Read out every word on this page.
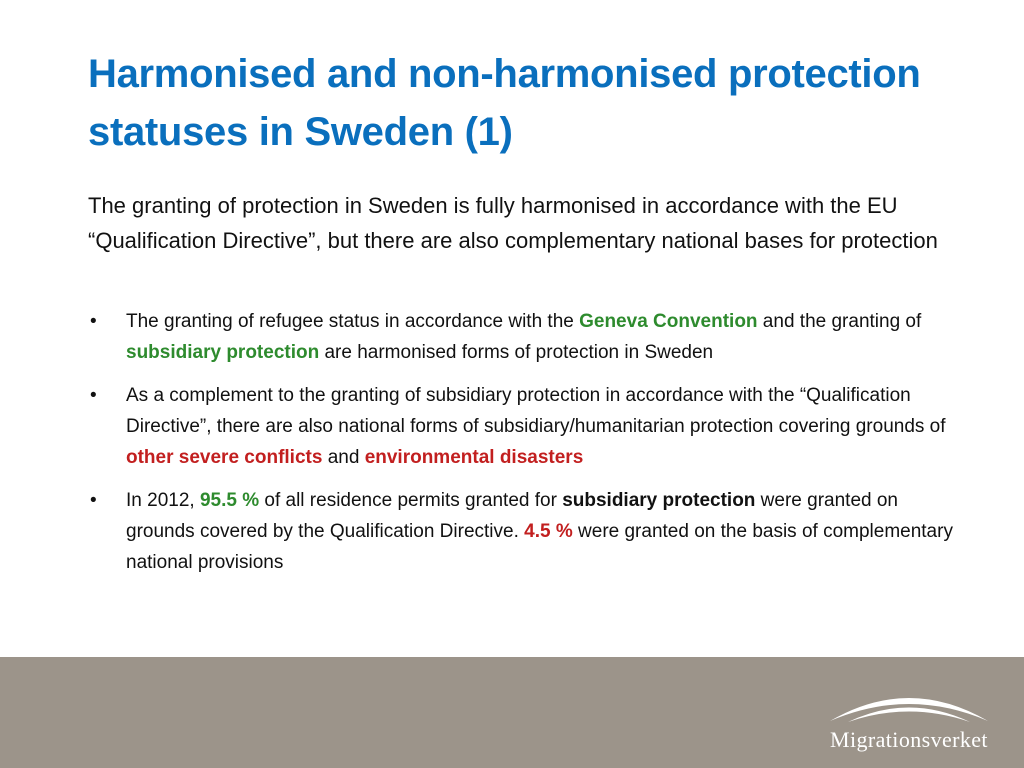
Harmonised and non-harmonised protection statuses in Sweden (1)

The granting of protection in Sweden is fully harmonised in accordance with the EU “Qualification Directive”, but there are also complementary national bases for protection

•	The granting of refugee status in accordance with the Geneva Convention and the granting of subsidiary protection are harmonised forms of protection in Sweden
•	As a complement to the granting of subsidiary protection in accordance with the “Qualification Directive”, there are also national forms of subsidiary/humanitarian protection covering grounds of other severe conflicts and environmental disasters
•	In 2012, 95.5 % of all residence permits granted for subsidiary protection were granted on grounds covered by the Qualification Directive. 4.5 % were granted on the basis of complementary national provisions
Migrationsverket
